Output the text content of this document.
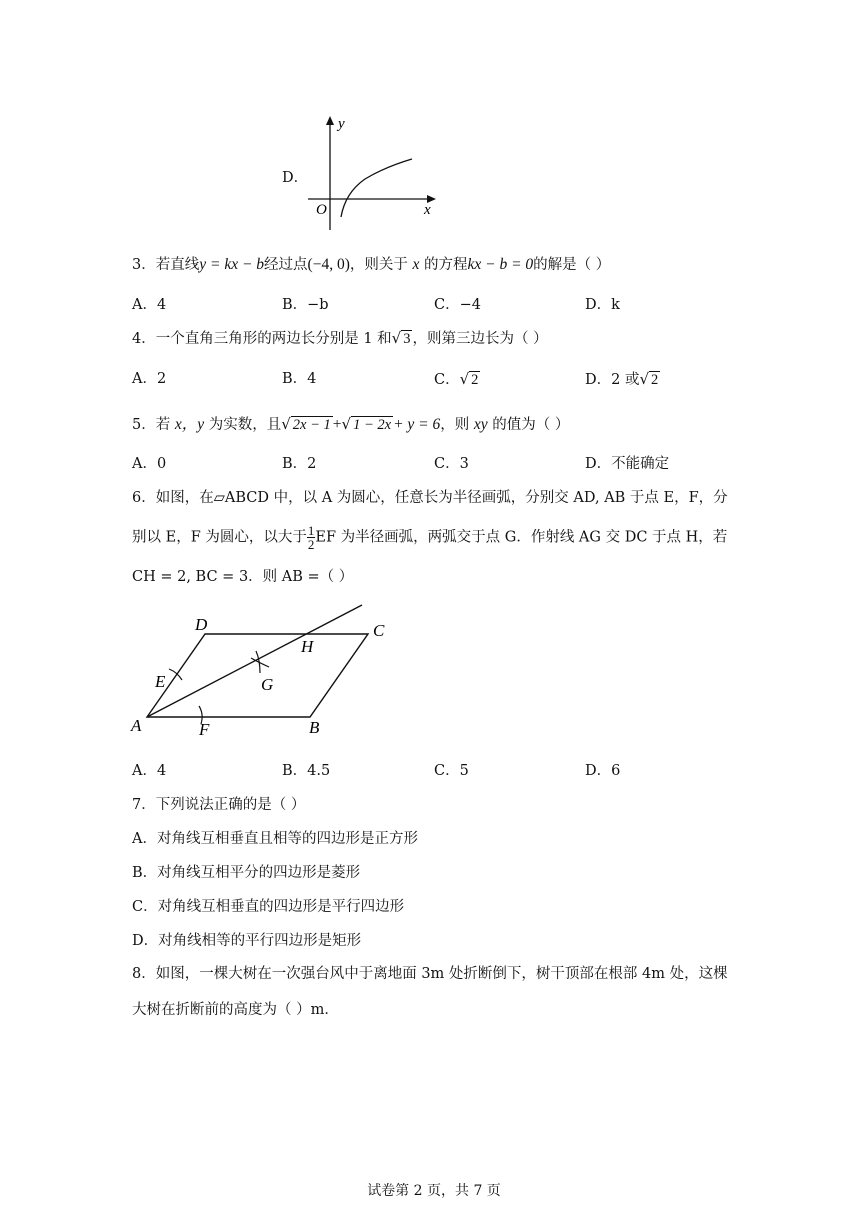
D．
y
x
O
3．若直线y = kx − b经过点(−4, 0)，则关于 x 的方程kx − b = 0的解是（ ）
A．4	B．−b	C．−4	D．k
4．一个直角三角形的两边长分别是 1 和√ 3 ，则第三边长为（ ）
A．2	B．4	C．√ 2	D．2 或√ 2
5．若 x，y 为实数，且√ 2x − 1 +√ 1 − 2x + y = 6，则 xy 的值为（ ）
A．0	B．2	C．3	D．不能确定
6．如图，在▱ABCD 中，以 A 为圆心，任意长为半径画弧，分别交 AD, AB 于点 E，F，分
别以 E，F 为圆心，以大于 $\frac{1}{2}$ EF 为半径画弧，两弧交于点 G．作射线 AG 交 DC 于点 H，若
CH = 2, BC = 3．则 AB =（ ）
D	C
H
E	G
A	F	B
A．4	B．4.5	C．5	D．6
7．下列说法正确的是（ ）
A．对角线互相垂直且相等的四边形是正方形
B．对角线互相平分的四边形是菱形
C．对角线互相垂直的四边形是平行四边形
D．对角线相等的平行四边形是矩形
8．如图，一棵大树在一次强台风中于离地面 3m 处折断倒下，树干顶部在根部 4m 处，这棵
大树在折断前的高度为（ ）m．
试卷第 2 页，共 7 页
